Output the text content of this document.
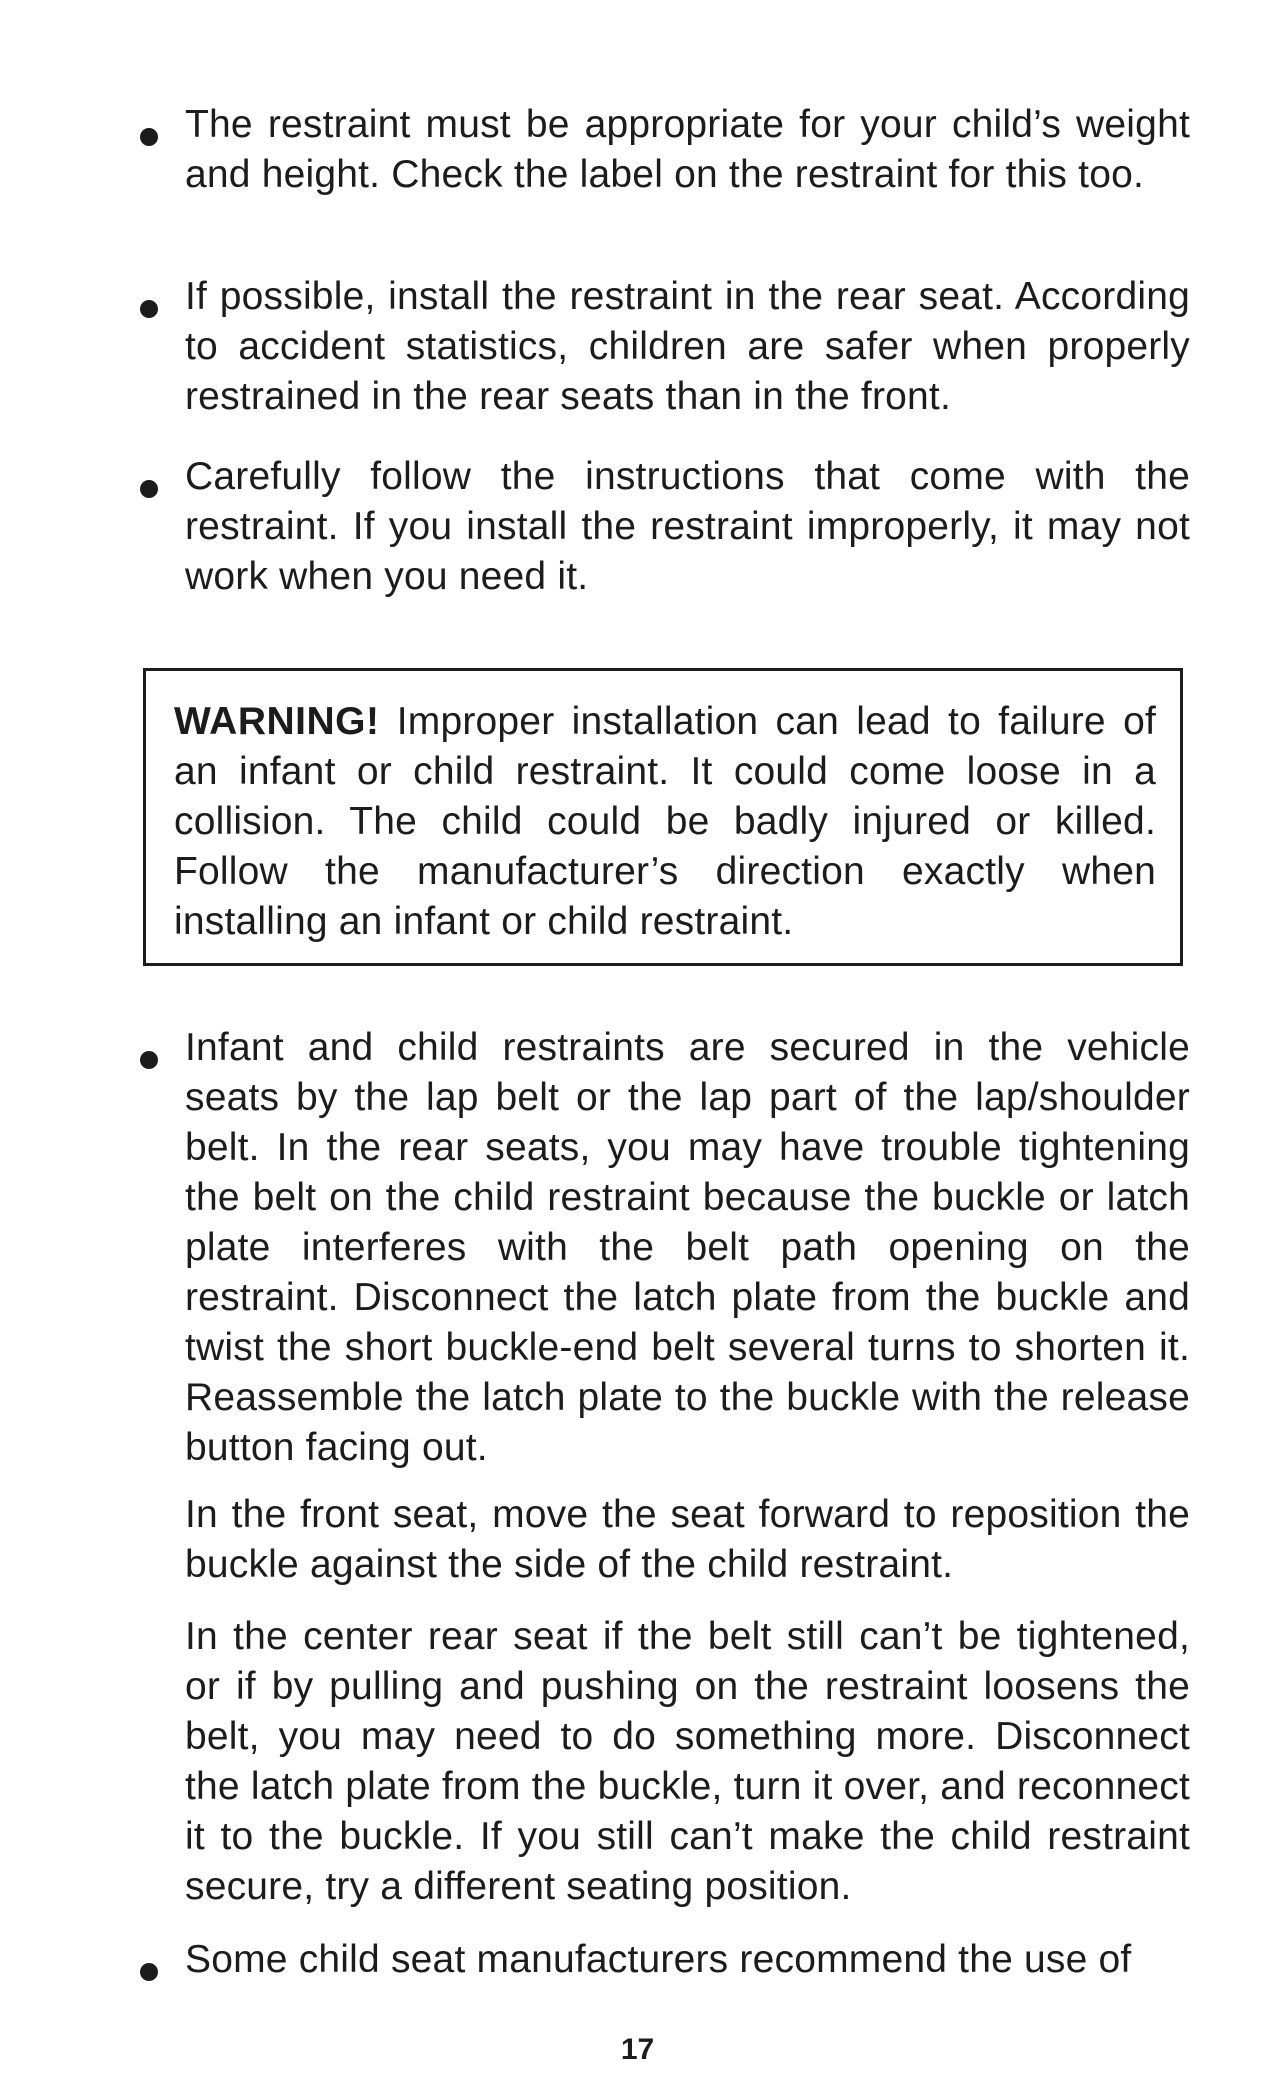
The restraint must be appropriate for your child’s weight and height. Check the label on the restraint for this too.

If possible, install the restraint in the rear seat. According to accident statistics, children are safer when properly restrained in the rear seats than in the front.

Carefully follow the instructions that come with the restraint. If you install the restraint improperly, it may not work when you need it.

WARNING! Improper installation can lead to failure of an infant or child restraint. It could come loose in a collision. The child could be badly injured or killed. Follow the manufacturer’s direction exactly when installing an infant or child restraint.

Infant and child restraints are secured in the vehicle seats by the lap belt or the lap part of the lap/shoulder belt. In the rear seats, you may have trouble tightening the belt on the child restraint because the buckle or latch plate interferes with the belt path opening on the restraint. Disconnect the latch plate from the buckle and twist the short buckle-end belt several turns to shorten it. Reassemble the latch plate to the buckle with the release button facing out.

In the front seat, move the seat forward to reposition the buckle against the side of the child restraint.

In the center rear seat if the belt still can’t be tightened, or if by pulling and pushing on the restraint loosens the belt, you may need to do something more. Disconnect the latch plate from the buckle, turn it over, and reconnect it to the buckle. If you still can’t make the child restraint secure, try a different seating position.

Some child seat manufacturers recommend the use of

17
